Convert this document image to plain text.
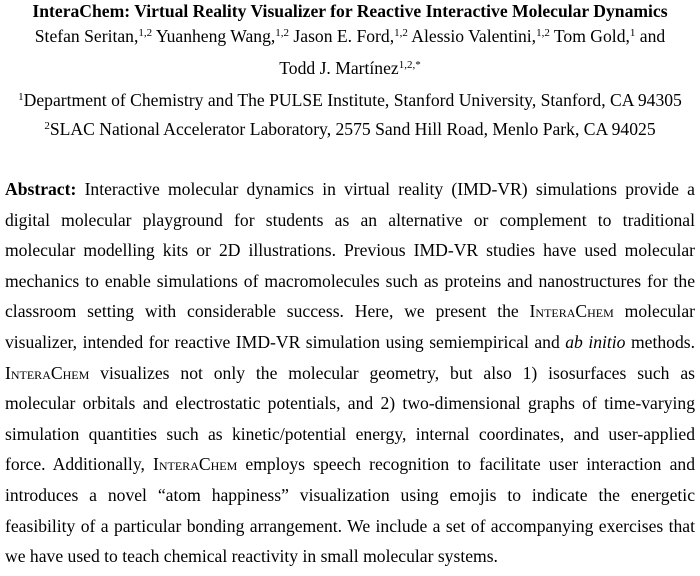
InteraChem: Virtual Reality Visualizer for Reactive Interactive Molecular Dynamics
Stefan Seritan,$^{1,2}$ Yuanheng Wang,$^{1,2}$ Jason E. Ford,$^{1,2}$ Alessio Valentini,$^{1,2}$ Tom Gold,$^1$ and
Todd J. Martínez$^{1,2,*}$
$^1$Department of Chemistry and The PULSE Institute, Stanford University, Stanford, CA 94305
$^2$SLAC National Accelerator Laboratory, 2575 Sand Hill Road, Menlo Park, CA 94025
Abstract: Interactive molecular dynamics in virtual reality (IMD-VR) simulations provide a
digital molecular playground for students as an alternative or complement to traditional
molecular modelling kits or 2D illustrations. Previous IMD-VR studies have used molecular
mechanics to enable simulations of macromolecules such as proteins and nanostructures for the
classroom setting with considerable success. Here, we present the InteraChem molecular
visualizer, intended for reactive IMD-VR simulation using semiempirical and ab initio methods.
InteraChem visualizes not only the molecular geometry, but also 1) isosurfaces such as
molecular orbitals and electrostatic potentials, and 2) two-dimensional graphs of time-varying
simulation quantities such as kinetic/potential energy, internal coordinates, and user-applied
force. Additionally, InteraChem employs speech recognition to facilitate user interaction and
introduces a novel “atom happiness” visualization using emojis to indicate the energetic
feasibility of a particular bonding arrangement. We include a set of accompanying exercises that
we have used to teach chemical reactivity in small molecular systems.
